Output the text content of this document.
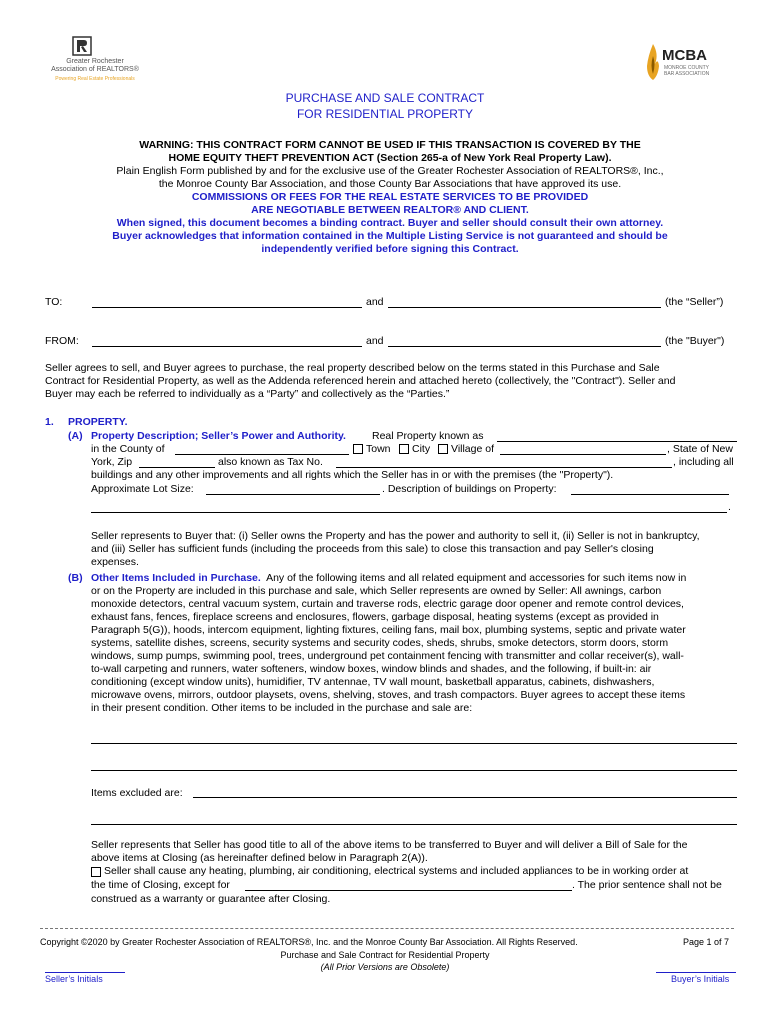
Greater Rochester
Association of REALTORS®
Powering Real Estate Professionals
MCBA
MONROE COUNTY
BAR ASSOCIATION
PURCHASE AND SALE CONTRACT
FOR RESIDENTIAL PROPERTY
WARNING: THIS CONTRACT FORM CANNOT BE USED IF THIS TRANSACTION IS COVERED BY THE
HOME EQUITY THEFT PREVENTION ACT (Section 265-a of New York Real Property Law).
Plain English Form published by and for the exclusive use of the Greater Rochester Association of REALTORS®, Inc.,
the Monroe County Bar Association, and those County Bar Associations that have approved its use.
COMMISSIONS OR FEES FOR THE REAL ESTATE SERVICES TO BE PROVIDED
ARE NEGOTIABLE BETWEEN REALTOR® AND CLIENT.
When signed, this document becomes a binding contract. Buyer and seller should consult their own attorney.
Buyer acknowledges that information contained in the Multiple Listing Service is not guaranteed and should be
independently verified before signing this Contract.
TO:	and	(the “Seller”)
FROM:	and	(the "Buyer")
Seller agrees to sell, and Buyer agrees to purchase, the real property described below on the terms stated in this Purchase and Sale
Contract for Residential Property, as well as the Addenda referenced herein and attached hereto (collectively, the "Contract"). Seller and
Buyer may each be referred to individually as a “Party” and collectively as the “Parties.”
1. PROPERTY.
(A) Property Description; Seller’s Power and Authority. Real Property known as
in the County of	Town City Village of	, State of New
York, Zip	also known as Tax No.	, including all
buildings and any other improvements and all rights which the Seller has in or with the premises (the "Property").
Approximate Lot Size:	. Description of buildings on Property:
.
Seller represents to Buyer that: (i) Seller owns the Property and has the power and authority to sell it, (ii) Seller is not in bankruptcy,
and (iii) Seller has sufficient funds (including the proceeds from this sale) to close this transaction and pay Seller's closing
expenses.
(B) Other Items Included in Purchase. Any of the following items and all related equipment and accessories for such items now in
or on the Property are included in this purchase and sale, which Seller represents are owned by Seller: All awnings, carbon
monoxide detectors, central vacuum system, curtain and traverse rods, electric garage door opener and remote control devices,
exhaust fans, fences, fireplace screens and enclosures, flowers, garbage disposal, heating systems (except as provided in
Paragraph 5(G)), hoods, intercom equipment, lighting fixtures, ceiling fans, mail box, plumbing systems, septic and private water
systems, satellite dishes, screens, security systems and security codes, sheds, shrubs, smoke detectors, storm doors, storm
windows, sump pumps, swimming pool, trees, underground pet containment fencing with transmitter and collar receiver(s), wall-
to-wall carpeting and runners, water softeners, window boxes, window blinds and shades, and the following, if built-in: air
conditioning (except window units), humidifier, TV antennae, TV wall mount, basketball apparatus, cabinets, dishwashers,
microwave ovens, mirrors, outdoor playsets, ovens, shelving, stoves, and trash compactors. Buyer agrees to accept these items
in their present condition. Other items to be included in the purchase and sale are:
Items excluded are:
Seller represents that Seller has good title to all of the above items to be transferred to Buyer and will deliver a Bill of Sale for the
above items at Closing (as hereinafter defined below in Paragraph 2(A)).
Seller shall cause any heating, plumbing, air conditioning, electrical systems and included appliances to be in working order at
the time of Closing, except for	. The prior sentence shall not be
construed as a warranty or guarantee after Closing.
Copyright ©2020 by Greater Rochester Association of REALTORS®, Inc. and the Monroe County Bar Association. All Rights Reserved.	Page 1 of 7
Purchase and Sale Contract for Residential Property
(All Prior Versions are Obsolete)
Seller’s Initials	Buyer’s Initials
